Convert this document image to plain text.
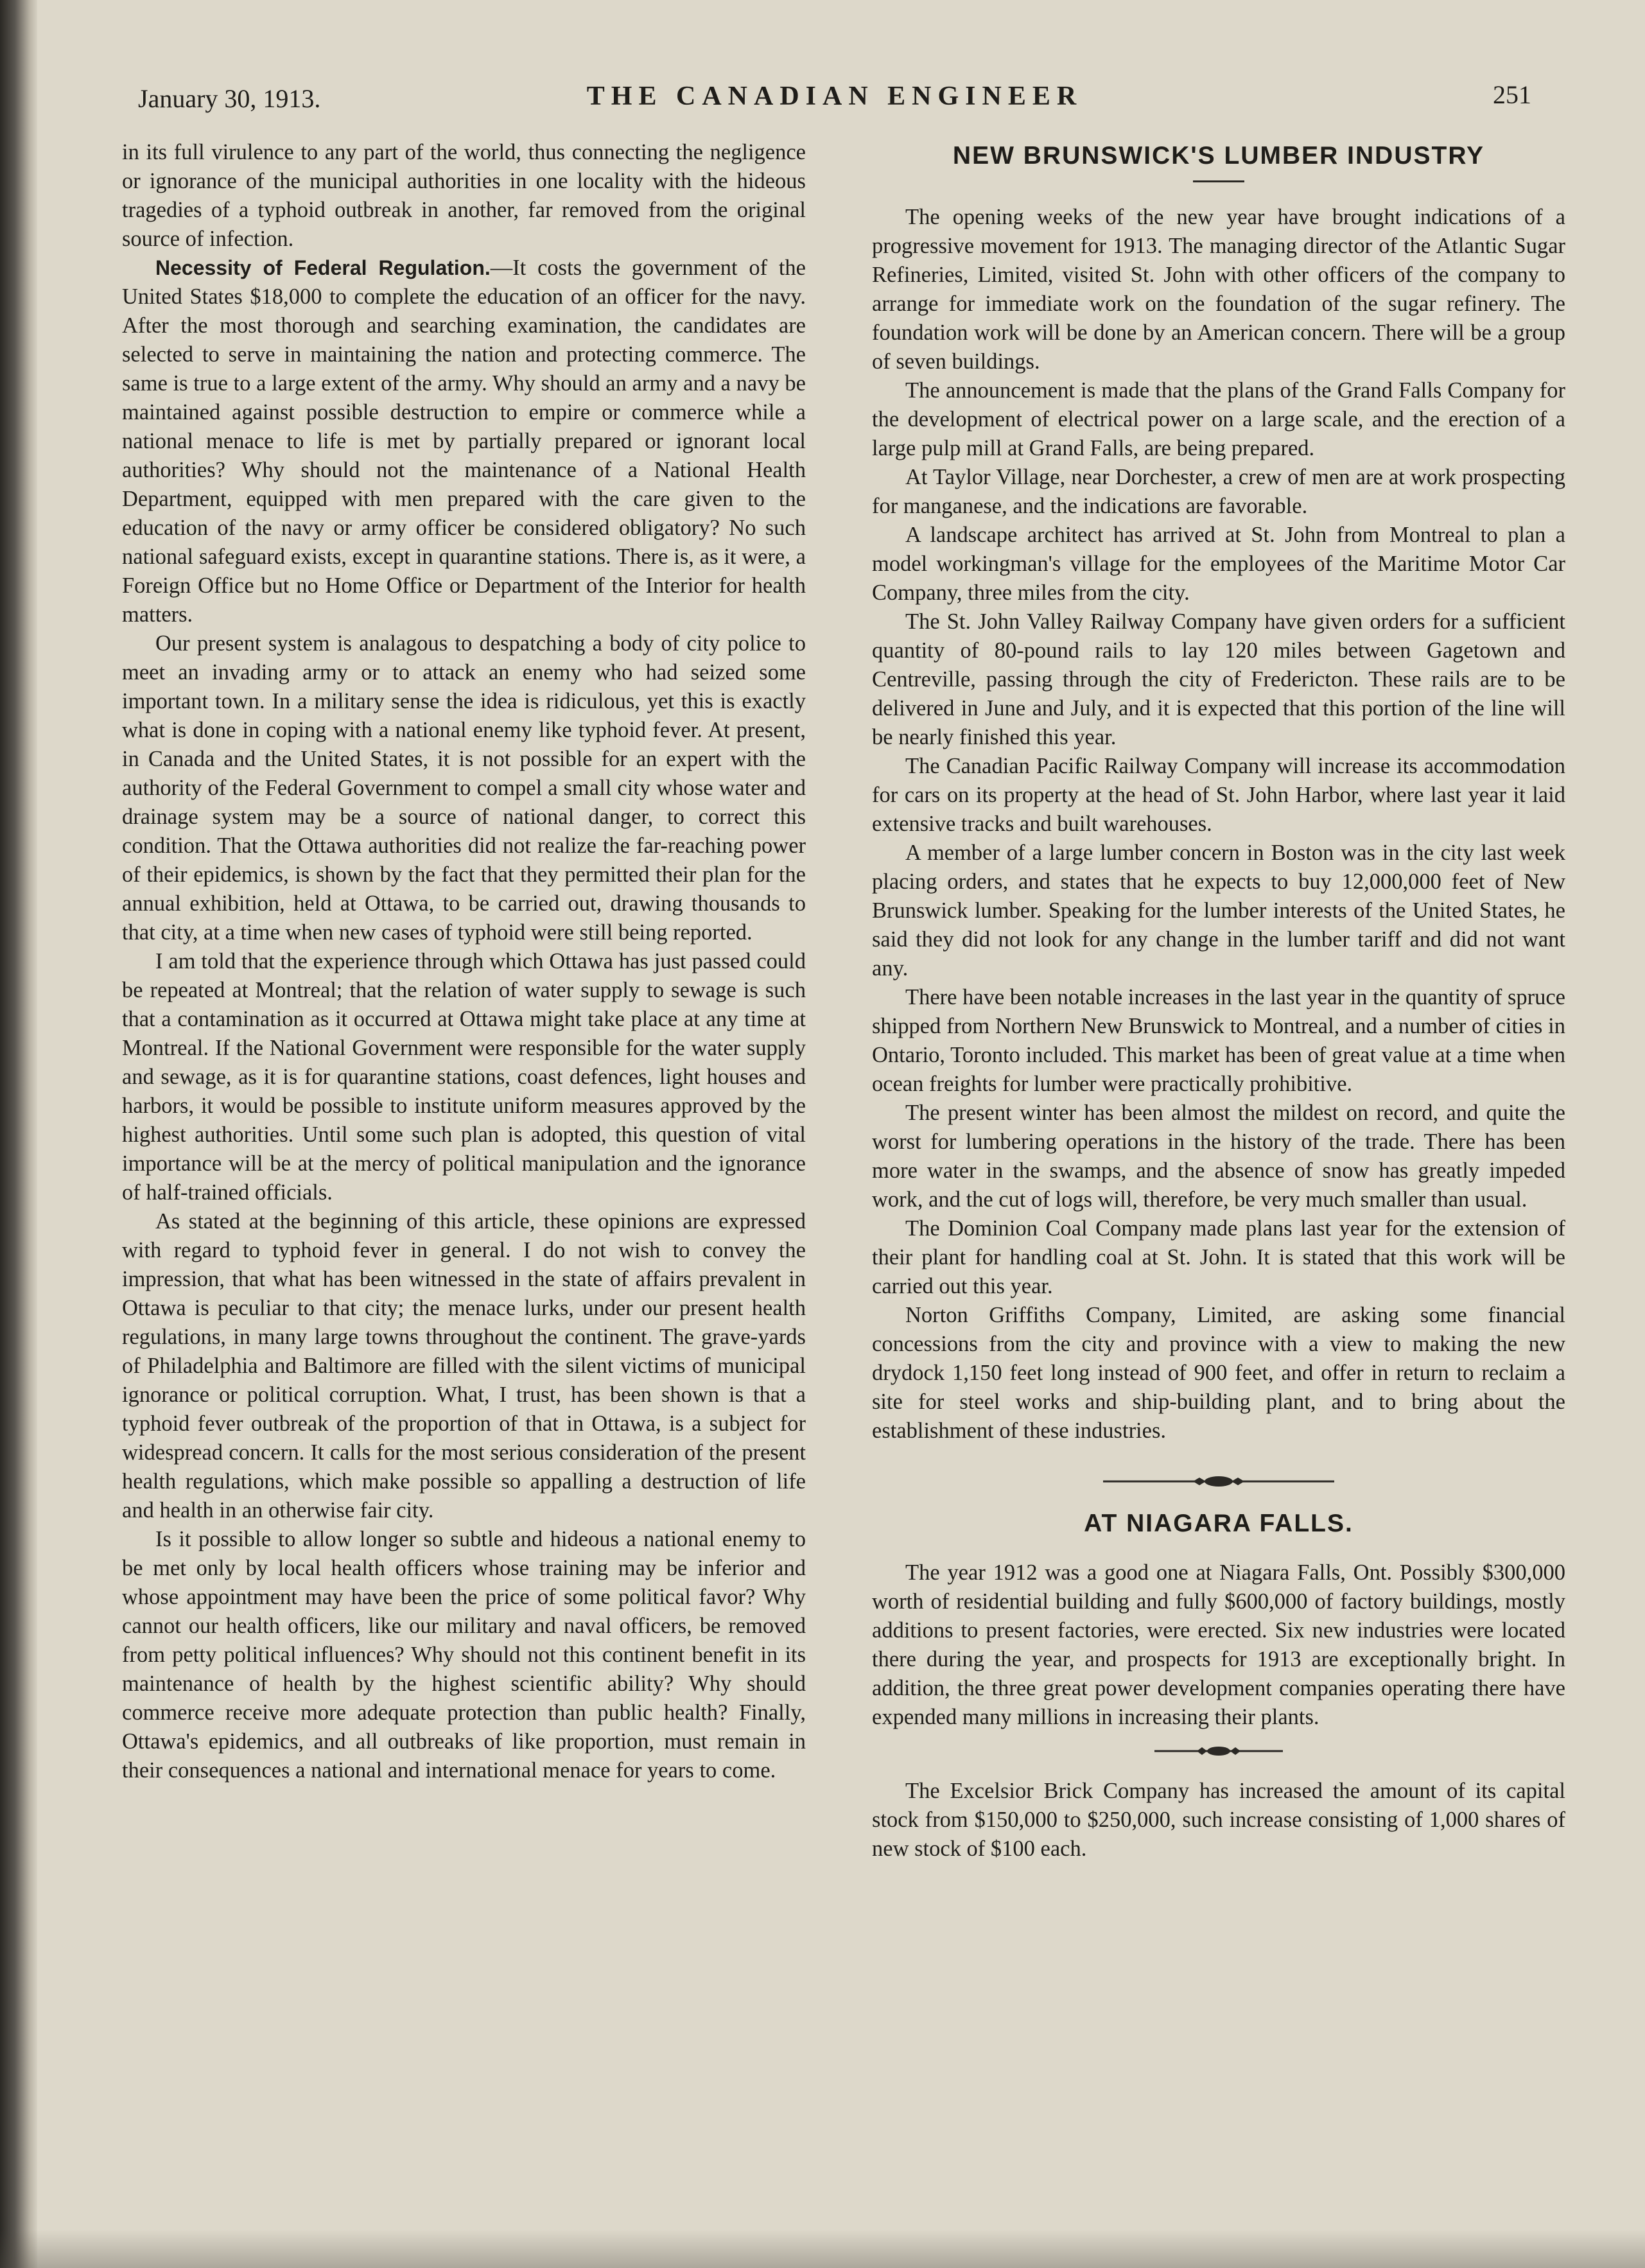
January 30, 1913.	THE CANADIAN ENGINEER	251

in its full virulence to any part of the world, thus connecting the negligence or ignorance of the municipal authorities in one locality with the hideous tragedies of a typhoid outbreak in another, far removed from the original source of infection.

Necessity of Federal Regulation.—It costs the government of the United States $18,000 to complete the education of an officer for the navy. After the most thorough and searching examination, the candidates are selected to serve in maintaining the nation and protecting commerce. The same is true to a large extent of the army. Why should an army and a navy be maintained against possible destruction to empire or commerce while a national menace to life is met by partially prepared or ignorant local authorities? Why should not the maintenance of a National Health Department, equipped with men prepared with the care given to the education of the navy or army officer be considered obligatory? No such national safeguard exists, except in quarantine stations. There is, as it were, a Foreign Office but no Home Office or Department of the Interior for health matters.

Our present system is analagous to despatching a body of city police to meet an invading army or to attack an enemy who had seized some important town. In a military sense the idea is ridiculous, yet this is exactly what is done in coping with a national enemy like typhoid fever. At present, in Canada and the United States, it is not possible for an expert with the authority of the Federal Government to compel a small city whose water and drainage system may be a source of national danger, to correct this condition. That the Ottawa authorities did not realize the far-reaching power of their epidemics, is shown by the fact that they permitted their plan for the annual exhibition, held at Ottawa, to be carried out, drawing thousands to that city, at a time when new cases of typhoid were still being reported.

I am told that the experience through which Ottawa has just passed could be repeated at Montreal; that the relation of water supply to sewage is such that a contamination as it occurred at Ottawa might take place at any time at Montreal. If the National Government were responsible for the water supply and sewage, as it is for quarantine stations, coast defences, light houses and harbors, it would be possible to institute uniform measures approved by the highest authorities. Until some such plan is adopted, this question of vital importance will be at the mercy of political manipulation and the ignorance of half-trained officials.

As stated at the beginning of this article, these opinions are expressed with regard to typhoid fever in general. I do not wish to convey the impression, that what has been witnessed in the state of affairs prevalent in Ottawa is peculiar to that city; the menace lurks, under our present health regulations, in many large towns throughout the continent. The grave-yards of Philadelphia and Baltimore are filled with the silent victims of municipal ignorance or political corruption. What, I trust, has been shown is that a typhoid fever outbreak of the proportion of that in Ottawa, is a subject for widespread concern. It calls for the most serious consideration of the present health regulations, which make possible so appalling a destruction of life and health in an otherwise fair city.

Is it possible to allow longer so subtle and hideous a national enemy to be met only by local health officers whose training may be inferior and whose appointment may have been the price of some political favor? Why cannot our health officers, like our military and naval officers, be removed from petty political influences? Why should not this continent benefit in its maintenance of health by the highest scientific ability? Why should commerce receive more adequate protection than public health? Finally, Ottawa's epidemics, and all outbreaks of like proportion, must remain in their consequences a national and international menace for years to come.

NEW BRUNSWICK'S LUMBER INDUSTRY

The opening weeks of the new year have brought indications of a progressive movement for 1913. The managing director of the Atlantic Sugar Refineries, Limited, visited St. John with other officers of the company to arrange for immediate work on the foundation of the sugar refinery. The foundation work will be done by an American concern. There will be a group of seven buildings.

The announcement is made that the plans of the Grand Falls Company for the development of electrical power on a large scale, and the erection of a large pulp mill at Grand Falls, are being prepared.

At Taylor Village, near Dorchester, a crew of men are at work prospecting for manganese, and the indications are favorable.

A landscape architect has arrived at St. John from Montreal to plan a model workingman's village for the employees of the Maritime Motor Car Company, three miles from the city.

The St. John Valley Railway Company have given orders for a sufficient quantity of 80-pound rails to lay 120 miles between Gagetown and Centreville, passing through the city of Fredericton. These rails are to be delivered in June and July, and it is expected that this portion of the line will be nearly finished this year.

The Canadian Pacific Railway Company will increase its accommodation for cars on its property at the head of St. John Harbor, where last year it laid extensive tracks and built warehouses.

A member of a large lumber concern in Boston was in the city last week placing orders, and states that he expects to buy 12,000,000 feet of New Brunswick lumber. Speaking for the lumber interests of the United States, he said they did not look for any change in the lumber tariff and did not want any.

There have been notable increases in the last year in the quantity of spruce shipped from Northern New Brunswick to Montreal, and a number of cities in Ontario, Toronto included. This market has been of great value at a time when ocean freights for lumber were practically prohibitive.

The present winter has been almost the mildest on record, and quite the worst for lumbering operations in the history of the trade. There has been more water in the swamps, and the absence of snow has greatly impeded work, and the cut of logs will, therefore, be very much smaller than usual.

The Dominion Coal Company made plans last year for the extension of their plant for handling coal at St. John. It is stated that this work will be carried out this year.

Norton Griffiths Company, Limited, are asking some financial concessions from the city and province with a view to making the new drydock 1,150 feet long instead of 900 feet, and offer in return to reclaim a site for steel works and ship-building plant, and to bring about the establishment of these industries.

AT NIAGARA FALLS.

The year 1912 was a good one at Niagara Falls, Ont. Possibly $300,000 worth of residential building and fully $600,000 of factory buildings, mostly additions to present factories, were erected. Six new industries were located there during the year, and prospects for 1913 are exceptionally bright. In addition, the three great power development companies operating there have expended many millions in increasing their plants.

The Excelsior Brick Company has increased the amount of its capital stock from $150,000 to $250,000, such increase consisting of 1,000 shares of new stock of $100 each.
